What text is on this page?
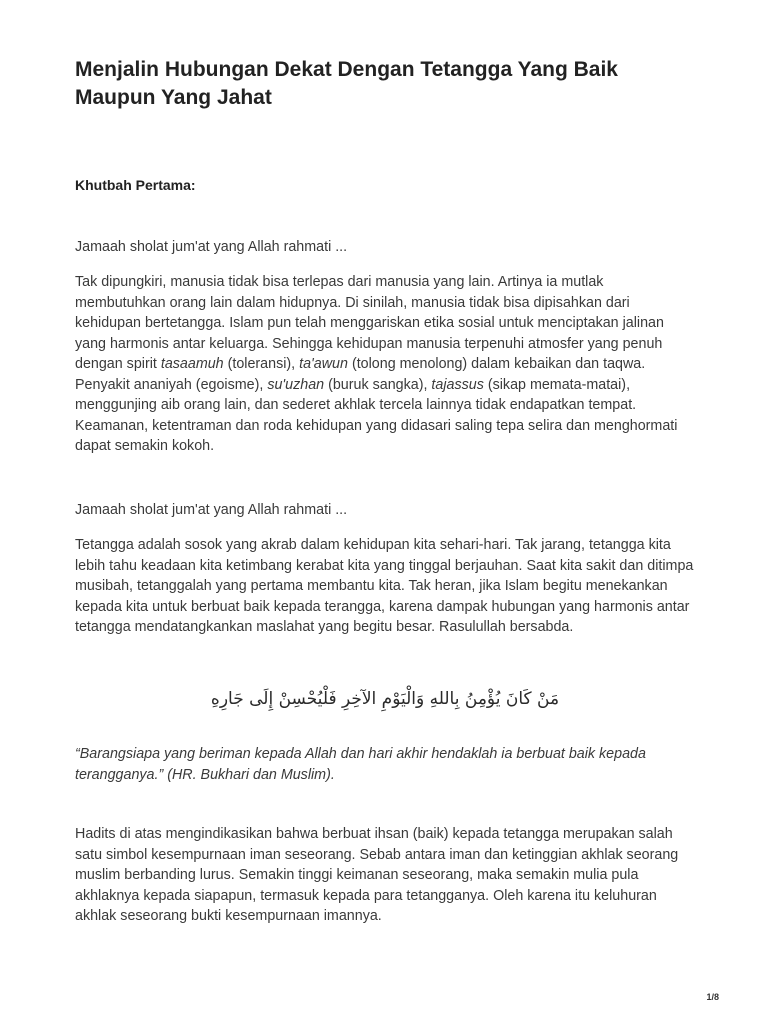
Menjalin Hubungan Dekat Dengan Tetangga Yang Baik Maupun Yang Jahat

Khutbah Pertama:

Jamaah sholat jum'at yang Allah rahmati ...

Tak dipungkiri, manusia tidak bisa terlepas dari manusia yang lain. Artinya ia mutlak membutuhkan orang lain dalam hidupnya. Di sinilah, manusia tidak bisa dipisahkan dari kehidupan bertetangga. Islam pun telah menggariskan etika sosial untuk menciptakan jalinan yang harmonis antar keluarga. Sehingga kehidupan manusia terpenuhi atmosfer yang penuh dengan spirit tasaamuh (toleransi), ta'awun (tolong menolong) dalam kebaikan dan taqwa. Penyakit ananiyah (egoisme), su'uzhan (buruk sangka), tajassus (sikap memata-matai), menggunjing aib orang lain, dan sederet akhlak tercela lainnya tidak endapatkan tempat. Keamanan, ketentraman dan roda kehidupan yang didasari saling tepa selira dan menghormati dapat semakin kokoh.

Jamaah sholat jum'at yang Allah rahmati ...

Tetangga adalah sosok yang akrab dalam kehidupan kita sehari-hari. Tak jarang, tetangga kita lebih tahu keadaan kita ketimbang kerabat kita yang tinggal berjauhan. Saat kita sakit dan ditimpa musibah, tetanggalah yang pertama membantu kita. Tak heran, jika Islam begitu menekankan kepada kita untuk berbuat baik kepada terangga, karena dampak hubungan yang harmonis antar tetangga mendatangkankan maslahat yang begitu besar. Rasulullah bersabda.

مَنْ كَانَ يُؤْمِنُ بِاللهِ وَالْيَوْمِ الآخِرِ فَلْيُحْسِنْ إِلَى جَارِهِ

“Barangsiapa yang beriman kepada Allah dan hari akhir hendaklah ia berbuat baik kepada terangganya.” (HR. Bukhari dan Muslim).

Hadits di atas mengindikasikan bahwa berbuat ihsan (baik) kepada tetangga merupakan salah satu simbol kesempurnaan iman seseorang. Sebab antara iman dan ketinggian akhlak seorang muslim berbanding lurus. Semakin tinggi keimanan seseorang, maka semakin mulia pula akhlaknya kepada siapapun, termasuk kepada para tetangganya. Oleh karena itu keluhuran akhlak seseorang bukti kesempurnaan imannya.

1/8
